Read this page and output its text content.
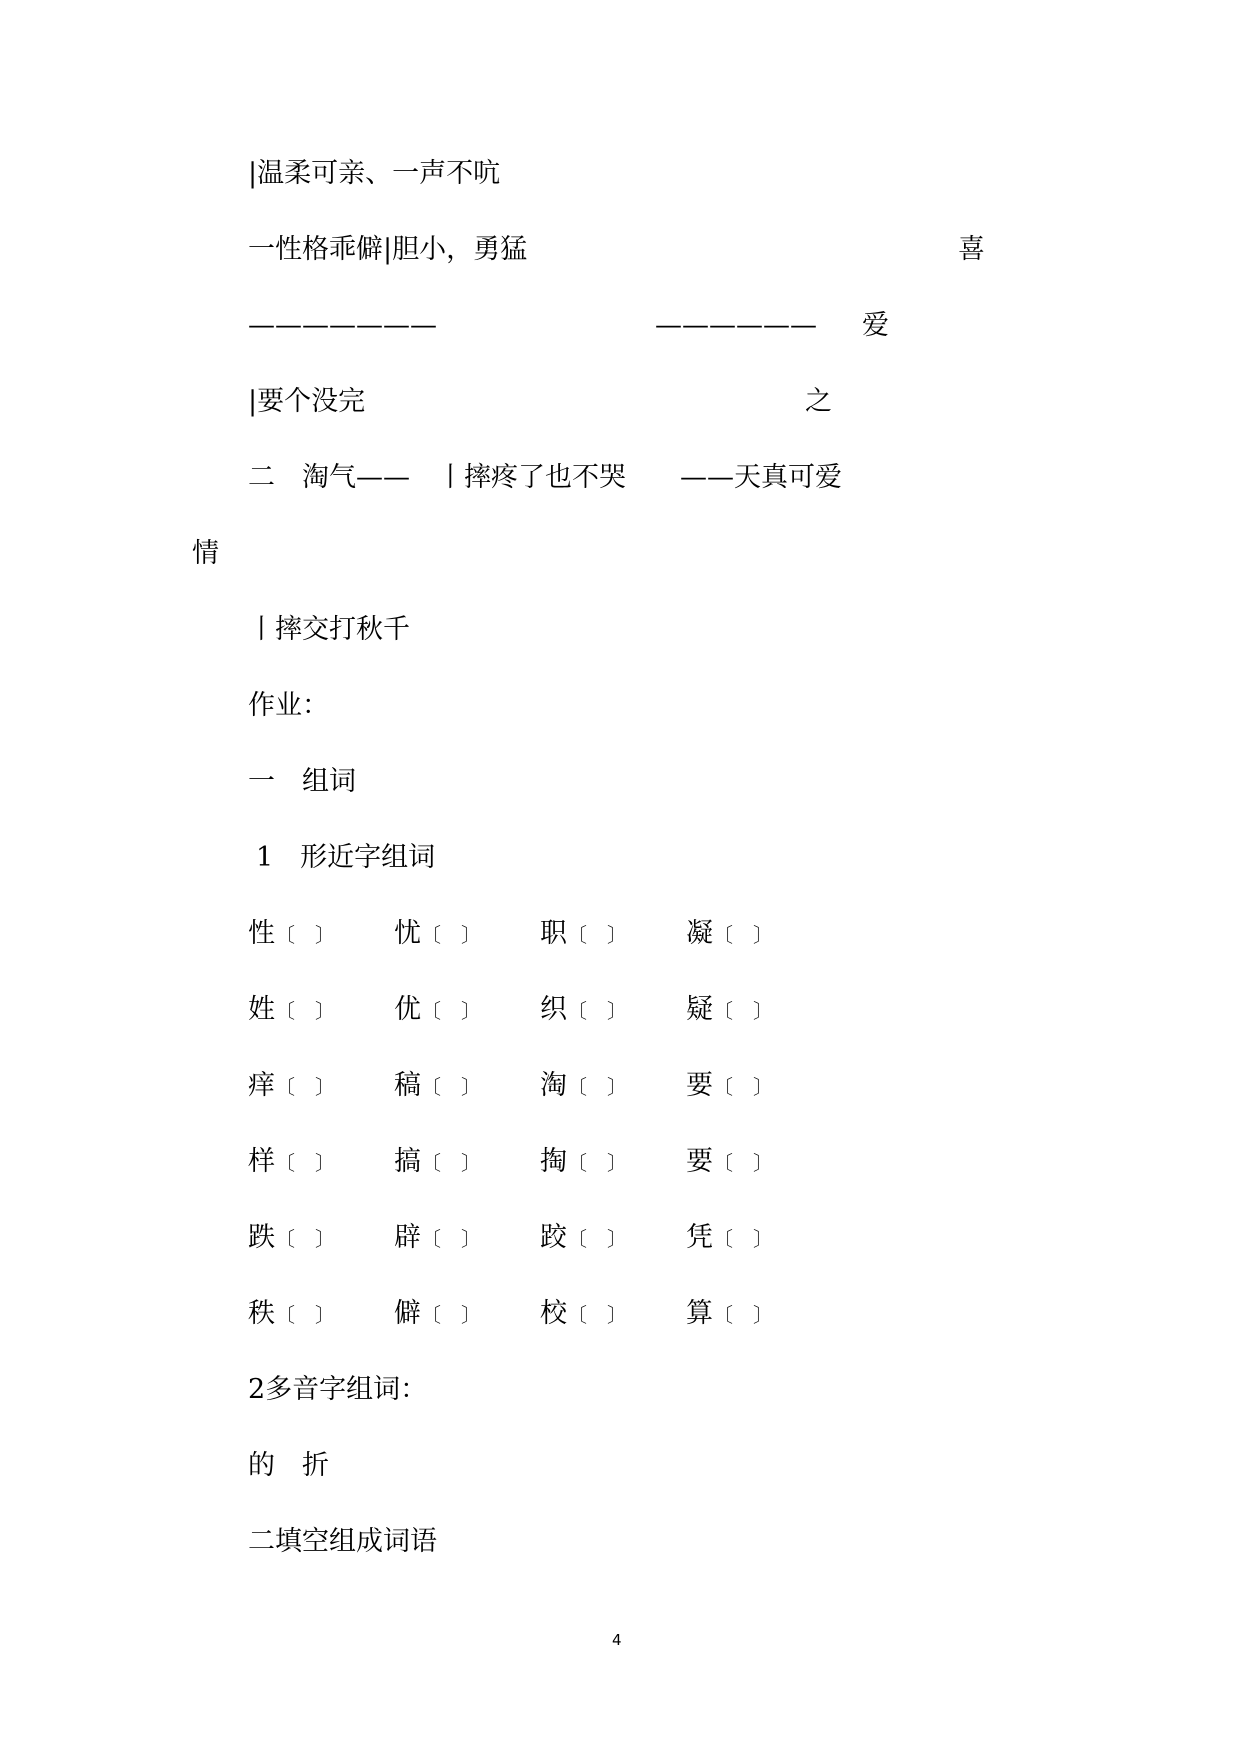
|温柔可亲、一声不吭
一性格乖僻|胆小，勇猛	喜
———————	—————— 爱
|要个没完	之
二　淘气——　丨摔疼了也不哭　　——天真可爱
情
丨摔交打秋千
作业：
一　组词
1　形近字组词
性〔　〕	忧〔　〕	职〔　〕	凝〔　〕
姓〔　〕	优〔　〕	织〔　〕	疑〔　〕
痒〔　〕	稿〔　〕	淘〔　〕	要〔　〕
样〔　〕	搞〔　〕	掏〔　〕	要〔　〕
跌〔　〕	辟〔　〕	跤〔　〕	凭〔　〕
秩〔　〕	僻〔　〕	校〔　〕	算〔　〕
2多音字组词：
的　折
二填空组成词语
4
